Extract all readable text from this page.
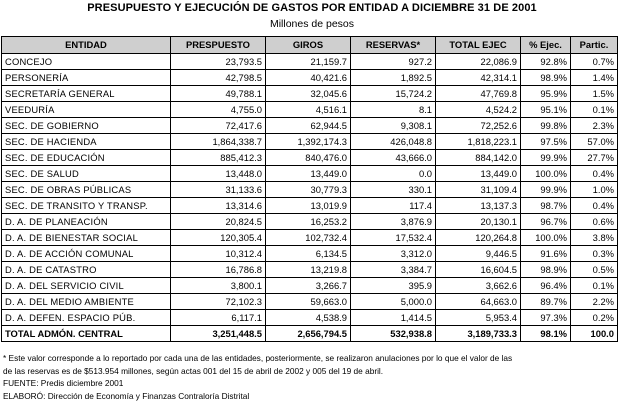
PRESUPUESTO Y EJECUCIÓN DE GASTOS POR ENTIDAD A DICIEMBRE 31 DE 2001
Millones de pesos
ENTIDAD	PRESPUESTO	GIROS	RESERVAS*	TOTAL EJEC	% Ejec.	Partic.
CONCEJO	23,793.5	21,159.7	927.2	22,086.9	92.8%	0.7%
PERSONERÍA	42,798.5	40,421.6	1,892.5	42,314.1	98.9%	1.4%
SECRETARÍA GENERAL	49,788.1	32,045.6	15,724.2	47,769.8	95.9%	1.5%
VEEDURÍA	4,755.0	4,516.1	8.1	4,524.2	95.1%	0.1%
SEC. DE GOBIERNO	72,417.6	62,944.5	9,308.1	72,252.6	99.8%	2.3%
SEC. DE HACIENDA	1,864,338.7	1,392,174.3	426,048.8	1,818,223.1	97.5%	57.0%
SEC. DE EDUCACIÓN	885,412.3	840,476.0	43,666.0	884,142.0	99.9%	27.7%
SEC. DE SALUD	13,448.0	13,449.0	0.0	13,449.0	100.0%	0.4%
SEC. DE OBRAS PÚBLICAS	31,133.6	30,779.3	330.1	31,109.4	99.9%	1.0%
SEC. DE TRANSITO Y TRANSP.	13,314.6	13,019.9	117.4	13,137.3	98.7%	0.4%
D. A. DE PLANEACIÓN	20,824.5	16,253.2	3,876.9	20,130.1	96.7%	0.6%
D. A. DE BIENESTAR SOCIAL	120,305.4	102,732.4	17,532.4	120,264.8	100.0%	3.8%
D. A. DE ACCIÓN COMUNAL	10,312.4	6,134.5	3,312.0	9,446.5	91.6%	0.3%
D. A. DE CATASTRO	16,786.8	13,219.8	3,384.7	16,604.5	98.9%	0.5%
D. A. DEL SERVICIO CIVIL	3,800.1	3,266.7	395.9	3,662.6	96.4%	0.1%
D. A. DEL MEDIO AMBIENTE	72,102.3	59,663.0	5,000.0	64,663.0	89.7%	2.2%
D. A. DEFEN. ESPACIO PÚB.	6,117.1	4,538.9	1,414.5	5,953.4	97.3%	0.2%
TOTAL ADMÓN. CENTRAL	3,251,448.5	2,656,794.5	532,938.8	3,189,733.3	98.1%	100.0
* Este valor corresponde a lo reportado por cada una de las entidades, posteriormente, se realizaron anulaciones por lo que el valor de las
de las reservas es de $513.954 millones, según actas 001 del 15 de abril de 2002 y 005 del 19 de abril.
FUENTE: Predis diciembre 2001
ELABORÓ: Dirección de Economía y Finanzas Contraloría Distrital
